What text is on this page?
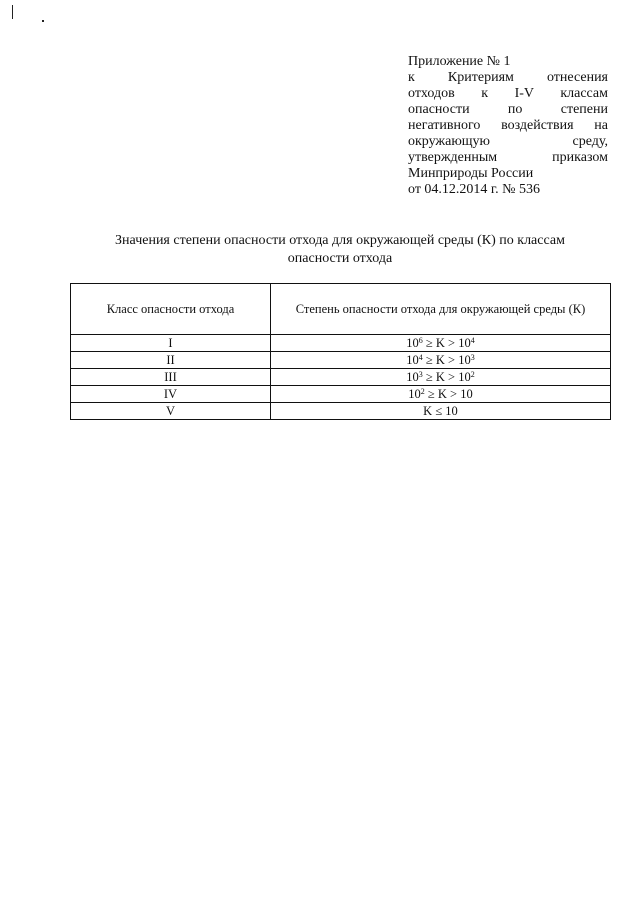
Приложение № 1
к Критериям отнесения
отходов к I-V классам
опасности по степени
негативного воздействия на
окружающую среду,
утвержденным приказом
Минприроды России
от 04.12.2014 г. № 536
Значения степени опасности отхода для окружающей среды (К) по классам
опасности отхода
Класс опасности отхода	Степень опасности отхода для окружающей среды (К)
I	$10^6 \ge K > 10^4$
II	$10^4 \ge K > 10^3$
III	$10^3 \ge K > 10^2$
IV	$10^2 \ge K > 10$
V	K ≤ 10
